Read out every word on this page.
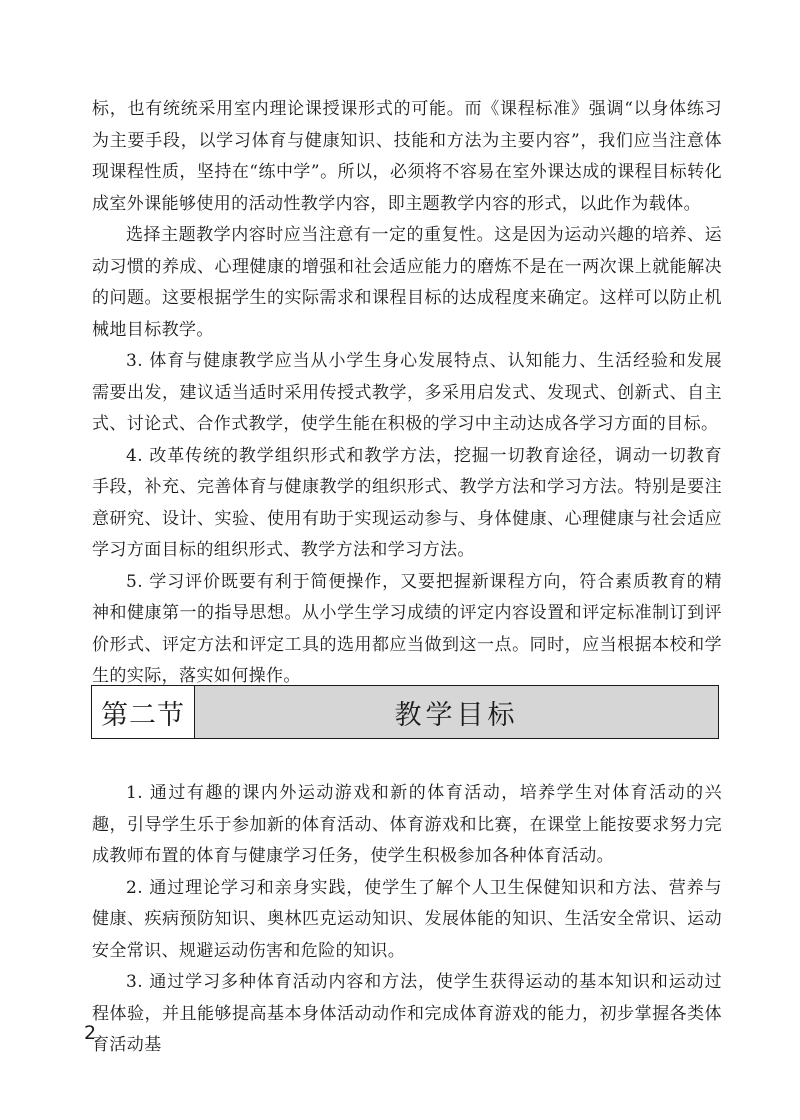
标，也有统统采用室内理论课授课形式的可能。而《课程标准》强调“以身体练习为主要手段，以学习体育与健康知识、技能和方法为主要内容”，我们应当注意体现课程性质，坚持在“练中学”。所以，必须将不容易在室外课达成的课程目标转化成室外课能够使用的活动性教学内容，即主题教学内容的形式，以此作为载体。

选择主题教学内容时应当注意有一定的重复性。这是因为运动兴趣的培养、运动习惯的养成、心理健康的增强和社会适应能力的磨炼不是在一两次课上就能解决的问题。这要根据学生的实际需求和课程目标的达成程度来确定。这样可以防止机械地目标教学。

3. 体育与健康教学应当从小学生身心发展特点、认知能力、生活经验和发展需要出发，建议适当适时采用传授式教学，多采用启发式、发现式、创新式、自主式、讨论式、合作式教学，使学生能在积极的学习中主动达成各学习方面的目标。

4. 改革传统的教学组织形式和教学方法，挖掘一切教育途径，调动一切教育手段，补充、完善体育与健康教学的组织形式、教学方法和学习方法。特别是要注意研究、设计、实验、使用有助于实现运动参与、身体健康、心理健康与社会适应学习方面目标的组织形式、教学方法和学习方法。

5. 学习评价既要有利于简便操作，又要把握新课程方向，符合素质教育的精神和健康第一的指导思想。从小学生学习成绩的评定内容设置和评定标准制订到评价形式、评定方法和评定工具的选用都应当做到这一点。同时，应当根据本校和学生的实际，落实如何操作。

第二节	教学目标

1. 通过有趣的课内外运动游戏和新的体育活动，培养学生对体育活动的兴趣，引导学生乐于参加新的体育活动、体育游戏和比赛，在课堂上能按要求努力完成教师布置的体育与健康学习任务，使学生积极参加各种体育活动。

2. 通过理论学习和亲身实践，使学生了解个人卫生保健知识和方法、营养与健康、疾病预防知识、奥林匹克运动知识、发展体能的知识、生活安全常识、运动安全常识、规避运动伤害和危险的知识。

3. 通过学习多种体育活动内容和方法，使学生获得运动的基本知识和运动过程体验，并且能够提高基本身体活动动作和完成体育游戏的能力，初步掌握各类体育活动基

2
